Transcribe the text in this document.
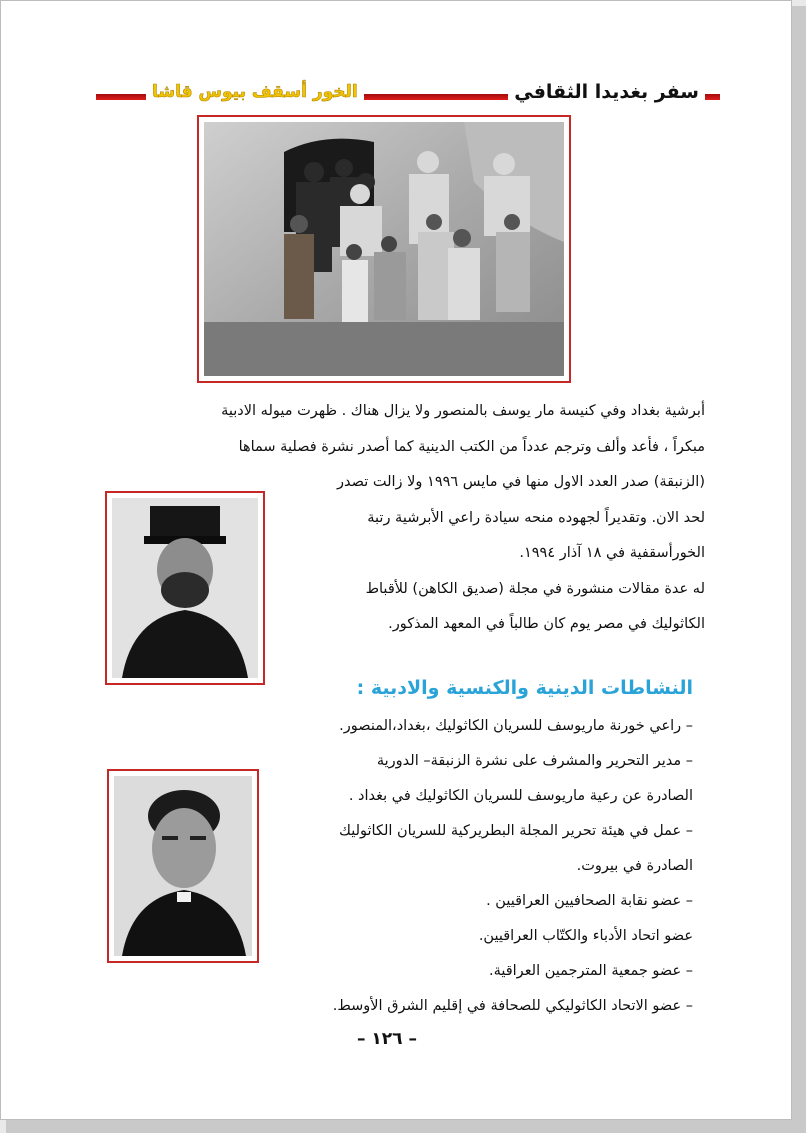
سفر بغديدا الثقافي
الخور أسقف بيوس قاشا
أبرشية بغداد وفي كنيسة مار يوسف بالمنصور ولا يزال هناك . ظهرت ميوله الادبية
مبكراً ، فأعد وألف وترجم عدداً من الكتب الدينية كما أصدر نشرة فصلية سماها
(الزنبقة) صدر العدد الاول منها في مايس ١٩٩٦ ولا زالت تصدر
لحد الان. وتقديراً لجهوده منحه سيادة راعي الأبرشية رتبة
الخورأسقفية في ١٨ آذار ١٩٩٤.
له عدة مقالات منشورة في مجلة (صديق الكاهن) للأقباط
الكاثوليك في مصر يوم كان طالباً في المعهد المذكور.
النشاطات الدينية والكنسية والادبية :
– راعي خورنة ماريوسف للسريان الكاثوليك ،بغداد،المنصور.
– مدير التحرير والمشرف على نشرة الزنبقة– الدورية
الصادرة عن رعية ماريوسف للسريان الكاثوليك في بغداد .
– عمل في هيئة تحرير المجلة البطريركية للسريان الكاثوليك
الصادرة في بيروت.
– عضو نقابة الصحافيين العراقيين .
عضو اتحاد الأدباء والكتّاب العراقيين.
– عضو جمعية المترجمين العراقية.
– عضو الاتحاد الكاثوليكي للصحافة في إقليم الشرق الأوسط.
– ١٢٦ –
